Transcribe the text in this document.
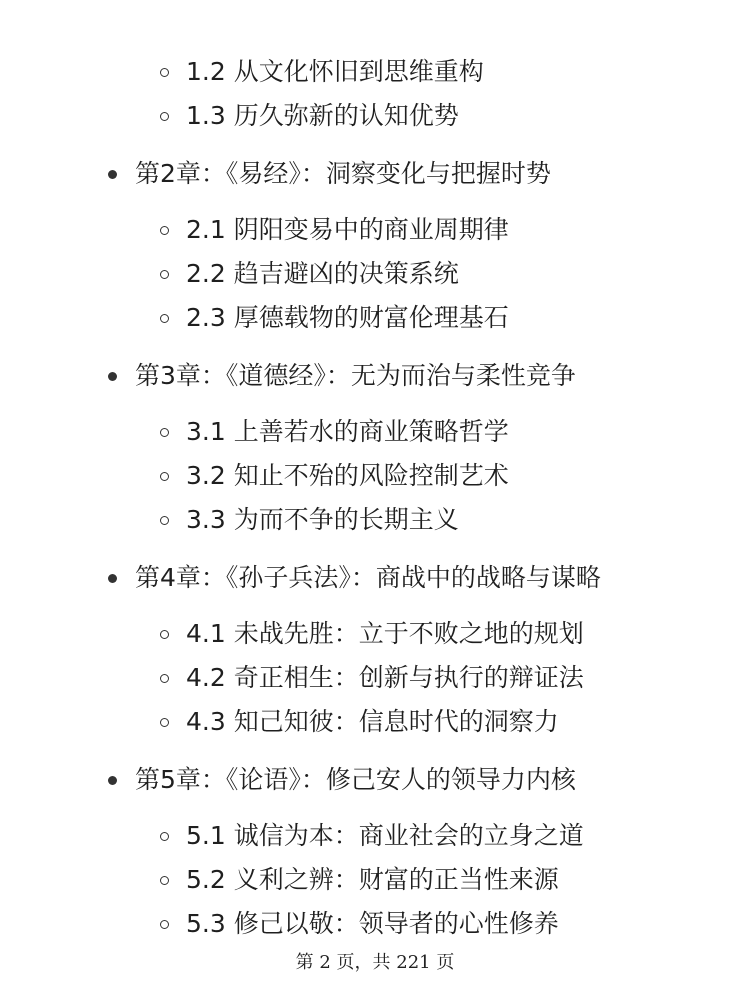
1.2 从文化怀旧到思维重构
1.3 历久弥新的认知优势
第2章：《易经》：洞察变化与把握时势
2.1 阴阳变易中的商业周期律
2.2 趋吉避凶的决策系统
2.3 厚德载物的财富伦理基石
第3章：《道德经》：无为而治与柔性竞争
3.1 上善若水的商业策略哲学
3.2 知止不殆的风险控制艺术
3.3 为而不争的长期主义
第4章：《孙子兵法》：商战中的战略与谋略
4.1 未战先胜：立于不败之地的规划
4.2 奇正相生：创新与执行的辩证法
4.3 知己知彼：信息时代的洞察力
第5章：《论语》：修己安人的领导力内核
5.1 诚信为本：商业社会的立身之道
5.2 义利之辨：财富的正当性来源
5.3 修己以敬：领导者的心性修养
第 2 页，共 221 页
